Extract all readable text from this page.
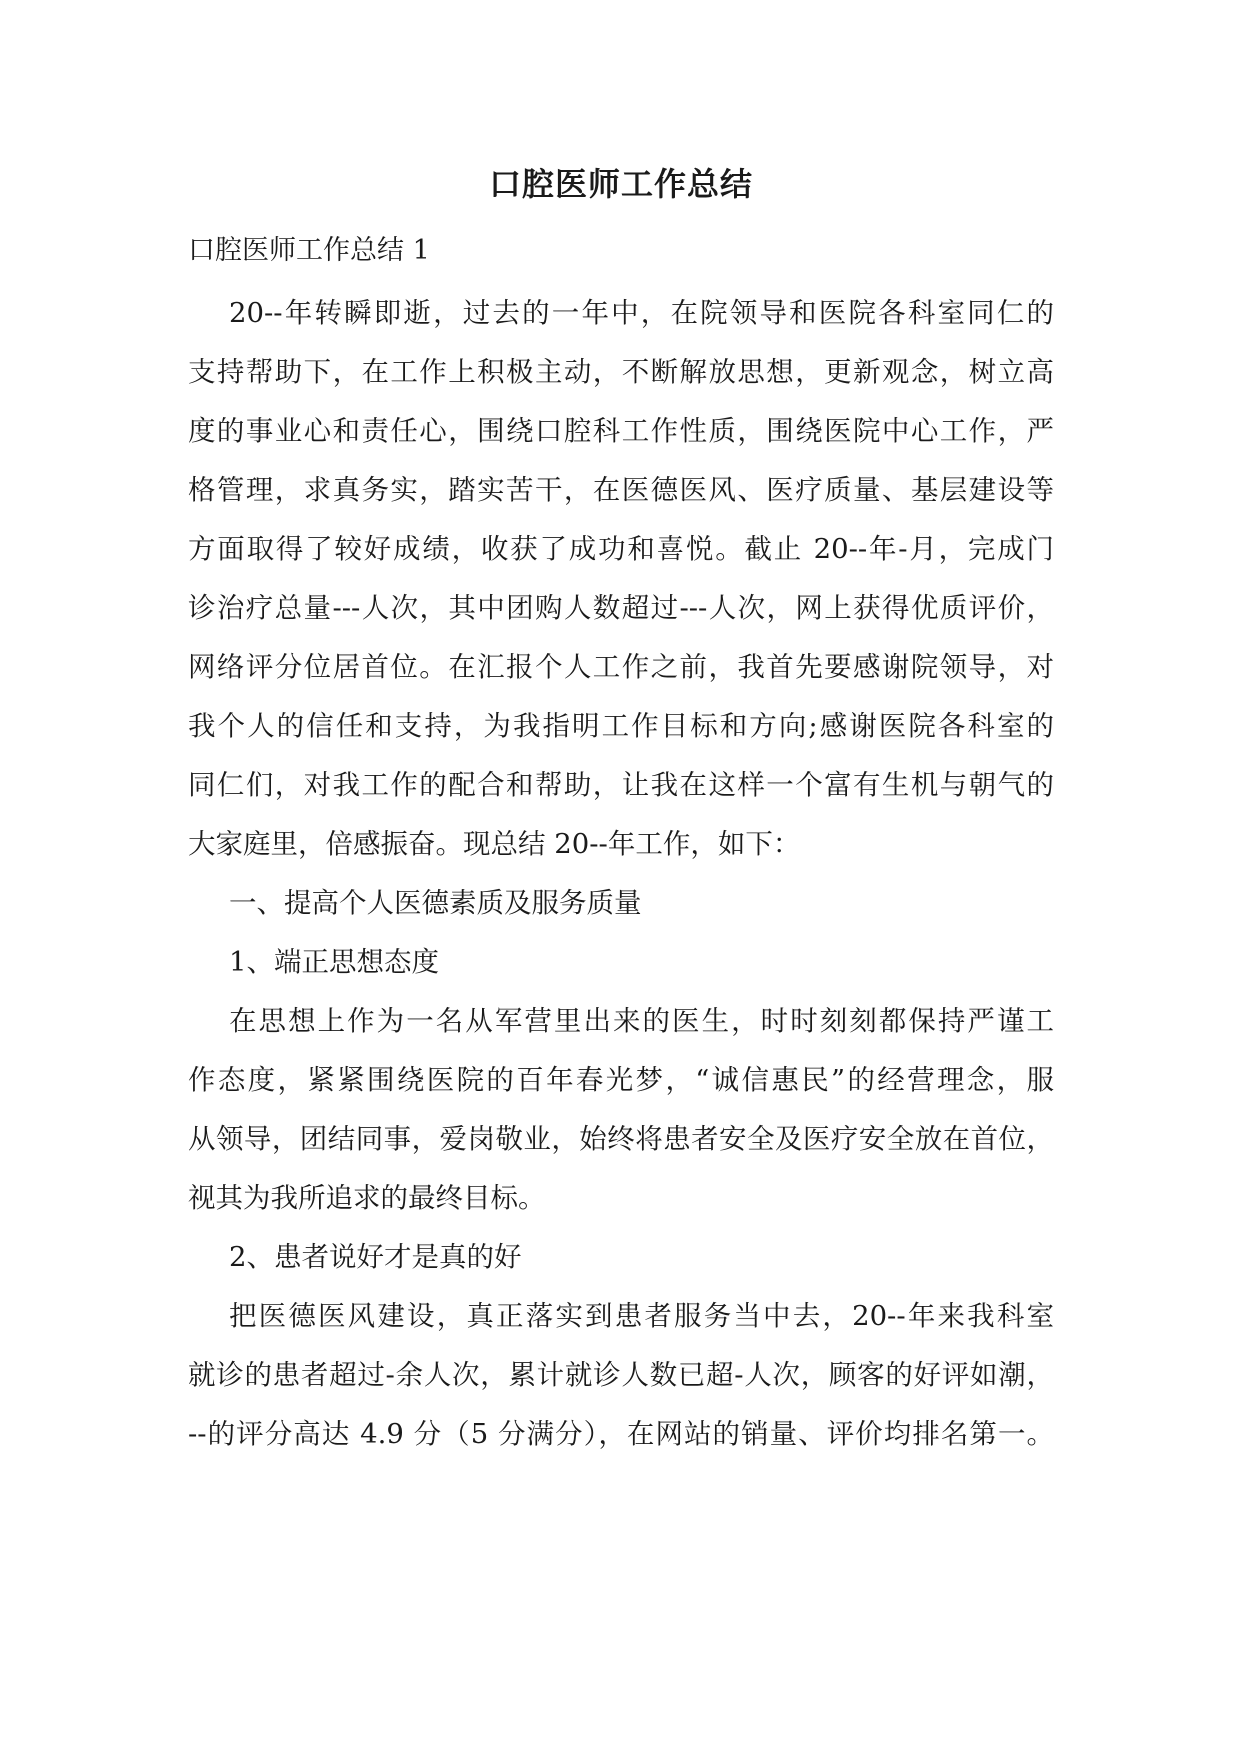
口腔医师工作总结
口腔医师工作总结 1
20--年转瞬即逝，过去的一年中，在院领导和医院各科室同仁的
支持帮助下，在工作上积极主动，不断解放思想，更新观念，树立高
度的事业心和责任心，围绕口腔科工作性质，围绕医院中心工作，严
格管理，求真务实，踏实苦干，在医德医风、医疗质量、基层建设等
方面取得了较好成绩，收获了成功和喜悦。截止 20--年-月，完成门
诊治疗总量---人次，其中团购人数超过---人次，网上获得优质评价，
网络评分位居首位。在汇报个人工作之前，我首先要感谢院领导，对
我个人的信任和支持，为我指明工作目标和方向;感谢医院各科室的
同仁们，对我工作的配合和帮助，让我在这样一个富有生机与朝气的
大家庭里，倍感振奋。现总结 20--年工作，如下：
一、提高个人医德素质及服务质量
1、端正思想态度
在思想上作为一名从军营里出来的医生，时时刻刻都保持严谨工
作态度，紧紧围绕医院的百年春光梦，“诚信惠民”的经营理念，服
从领导，团结同事，爱岗敬业，始终将患者安全及医疗安全放在首位，
视其为我所追求的最终目标。
2、患者说好才是真的好
把医德医风建设，真正落实到患者服务当中去，20--年来我科室
就诊的患者超过-余人次，累计就诊人数已超-人次，顾客的好评如潮，
--的评分高达 4.9 分（5 分满分），在网站的销量、评价均排名第一。
